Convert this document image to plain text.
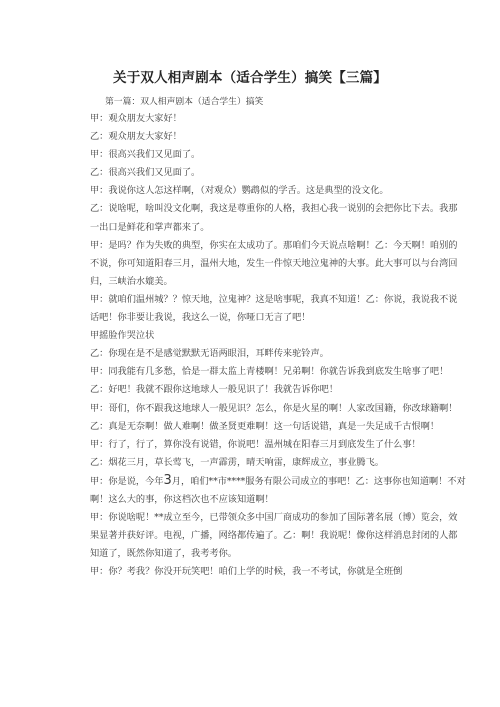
关于双人相声剧本（适合学生）搞笑【三篇】
第一篇：双人相声剧本（适合学生）搞笑

甲：观众朋友大家好！

乙：观众朋友大家好！

甲：很高兴我们又见面了。

乙：很高兴我们又见面了。

甲：我说你这人怎这样啊，（对观众）鹦鹉似的学舌。这是典型的没文化。

乙：说啥呢，啥叫没文化啊，我这是尊重你的人格，我担心我一说别的会把你比下去。我那一出口是鲜花和掌声都来了。

甲：是吗？作为失败的典型，你实在太成功了。那咱们今天说点啥啊！乙：今天啊！咱别的不说，你可知道阳春三月，温州大地，发生一件惊天地泣鬼神的大事。此大事可以与台湾回归，三峡治水媲美。

甲：就咱们温州城？？惊天地，泣鬼神？这是啥事呢，我真不知道！乙：你说，我说我不说话吧！你非要让我说，我这么一说，你哑口无言了吧！

甲摇脸作哭泣状

乙：你现在是不是感觉默默无语两眼泪，耳畔传来驼铃声。

甲：同我能有几多愁，恰是一群太监上青楼啊！兄弟啊！你就告诉我到底发生啥事了吧！

乙：好吧！我就不跟你这地球人一般见识了！我就告诉你吧！

甲：哥们，你不跟我这地球人一般见识？怎么，你是火星的啊！人家改国籍，你改球籍啊！

乙：真是无奈啊！做人难啊！做圣贤更难啊！这一句话说错，真是一失足成千古恨啊！

甲：行了，行了，算你没有说错，你说吧！温州城在阳春三月到底发生了什么事！

乙：烟花三月，草长莺飞，一声霹雳，晴天响雷，康辉成立，事业腾飞。

甲：你是说，今年3月，咱们**市****服务有限公司成立的事吧！乙：这事你也知道啊！不对啊！这么大的事，你这档次也不应该知道啊！

甲：你说啥呢！**成立至今，已带领众多中国厂商成功的参加了国际著名展（博）览会，效果显著并获好评。电视，广播，网络都传遍了。乙：啊！我说呢！像你这样消息封闭的人都知道了，既然你知道了，我考考你。

甲：你？考我？你没开玩笑吧！咱们上学的时候，我一不考试，你就是全班倒
